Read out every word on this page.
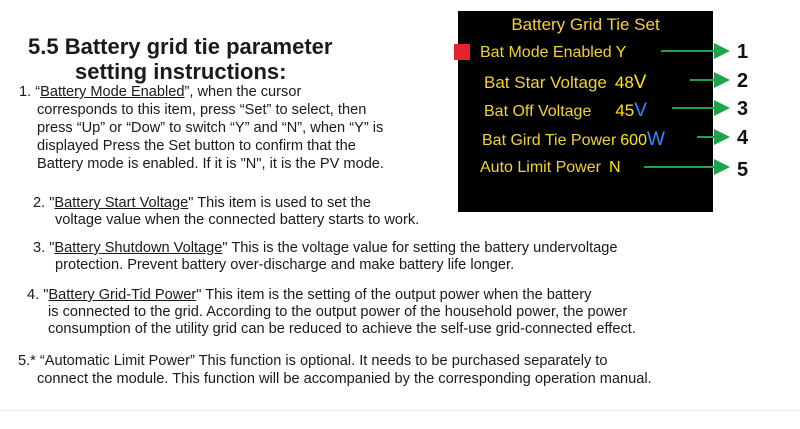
5.5 Battery grid tie parameter
setting instructions:
1. “Battery Mode Enabled”, when the cursor
corresponds to this item, press “Set” to select, then
press “Up” or “Dow” to switch “Y” and “N”, when “Y” is
displayed Press the Set button to confirm that the
Battery mode is enabled. If it is "N", it is the PV mode.
2. "Battery Start Voltage" This item is used to set the
voltage value when the connected battery starts to work.
3. "Battery Shutdown Voltage" This is the voltage value for setting the battery undervoltage
protection. Prevent battery over-discharge and make battery life longer.
4. "Battery Grid-Tid Power" This item is the setting of the output power when the battery
is connected to the grid. According to the output power of the household power, the power
consumption of the utility grid can be reduced to achieve the self-use grid-connected effect.
5.* “Automatic Limit Power” This function is optional. It needs to be purchased separately to
connect the module. This function will be accompanied by the corresponding operation manual.
Battery Grid Tie Set
Bat Mode Enabled Y
Bat Star Voltage 48V
Bat Off Voltage 45V
Bat Gird Tie Power 600W
Auto Limit Power N
1
2
3
4
5
